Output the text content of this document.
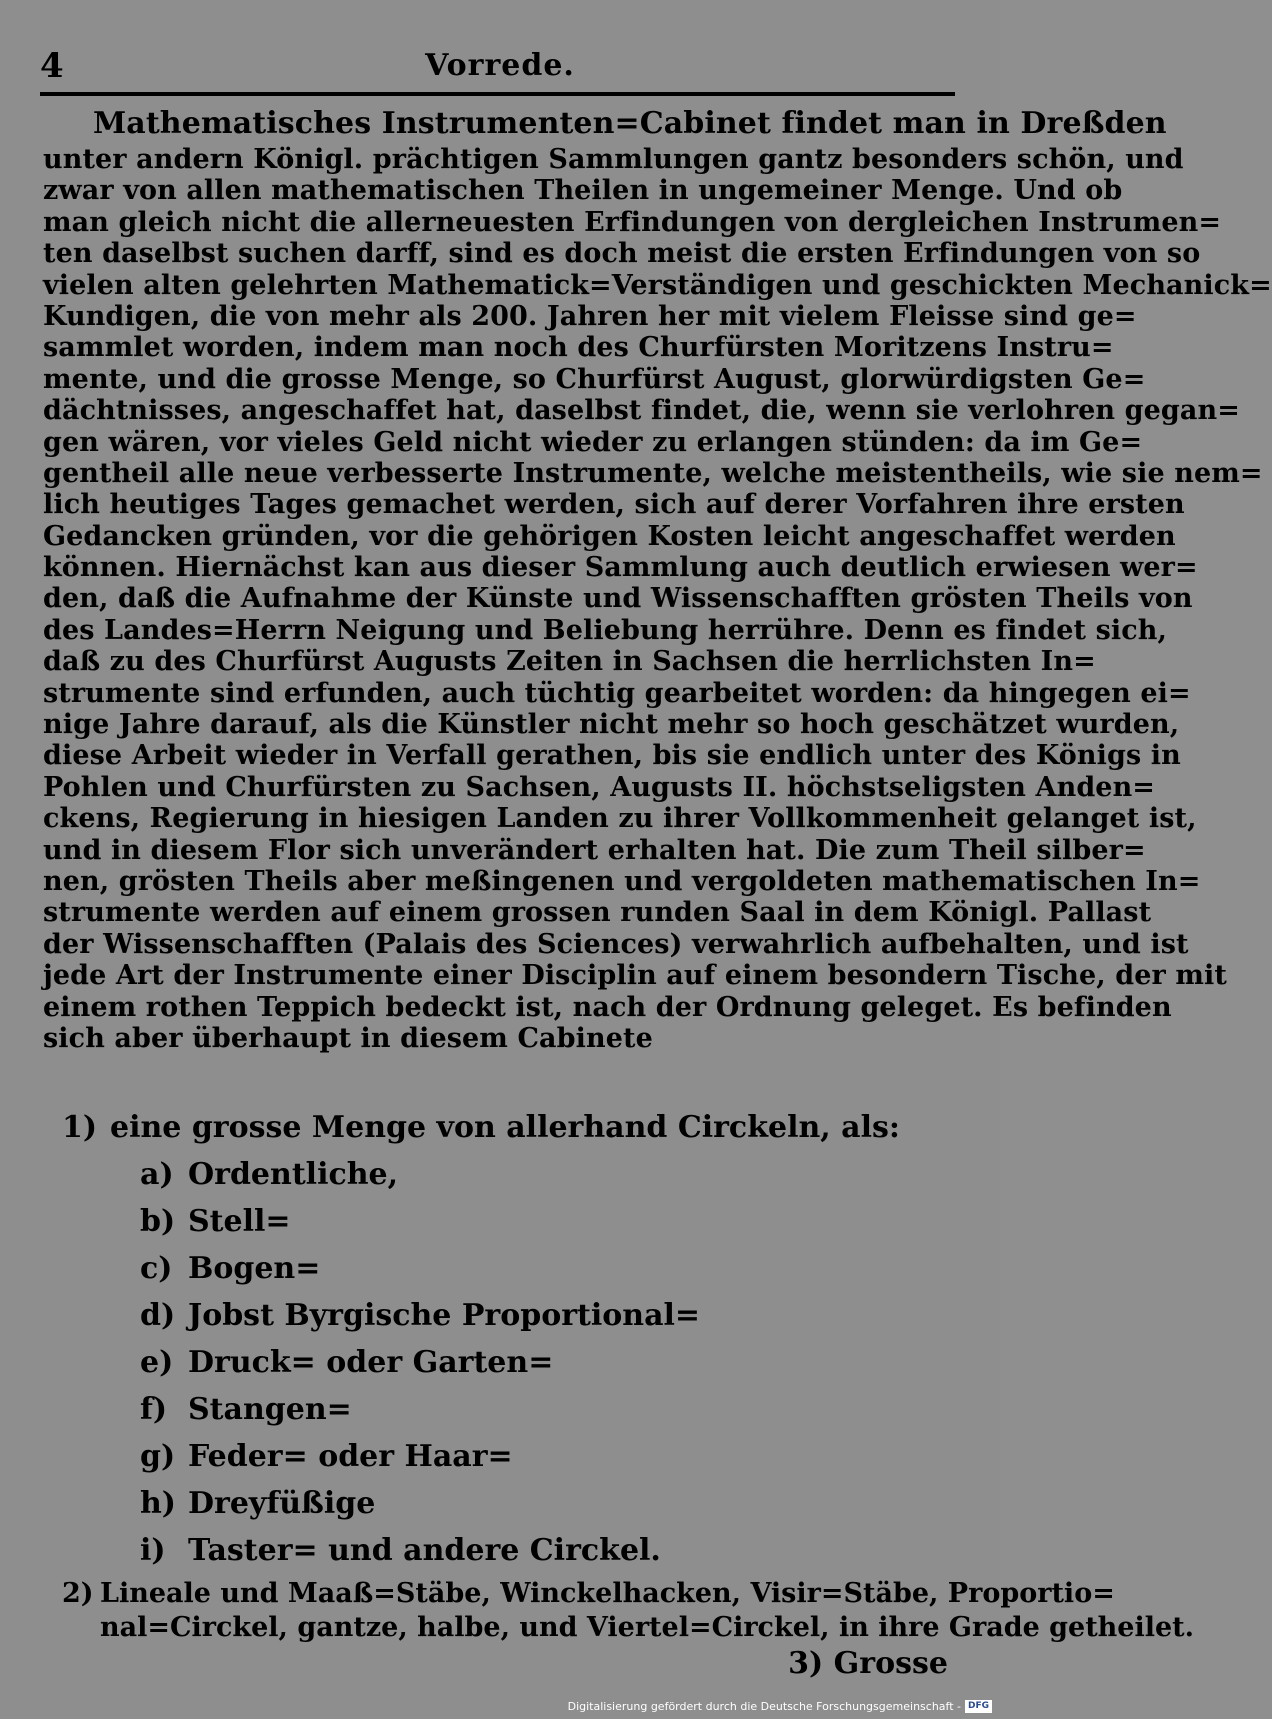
4	Vorrede.
Mathematisches Instrumenten=Cabinet findet man in Dreßden
unter andern Königl. prächtigen Sammlungen gantz besonders schön, und
zwar von allen mathematischen Theilen in ungemeiner Menge. Und ob
man gleich nicht die allerneuesten Erfindungen von dergleichen Instrumen=
ten daselbst suchen darff, sind es doch meist die ersten Erfindungen von so
vielen alten gelehrten Mathematick=Verständigen und geschickten Mechanick=
Kundigen, die von mehr als 200. Jahren her mit vielem Fleisse sind ge=
sammlet worden, indem man noch des Churfürsten Moritzens Instru=
mente, und die grosse Menge, so Churfürst August, glorwürdigsten Ge=
dächtnisses, angeschaffet hat, daselbst findet, die, wenn sie verlohren gegan=
gen wären, vor vieles Geld nicht wieder zu erlangen stünden: da im Ge=
gentheil alle neue verbesserte Instrumente, welche meistentheils, wie sie nem=
lich heutiges Tages gemachet werden, sich auf derer Vorfahren ihre ersten
Gedancken gründen, vor die gehörigen Kosten leicht angeschaffet werden
können. Hiernächst kan aus dieser Sammlung auch deutlich erwiesen wer=
den, daß die Aufnahme der Künste und Wissenschafften grösten Theils von
des Landes=Herrn Neigung und Beliebung herrühre. Denn es findet sich,
daß zu des Churfürst Augusts Zeiten in Sachsen die herrlichsten In=
strumente sind erfunden, auch tüchtig gearbeitet worden: da hingegen ei=
nige Jahre darauf, als die Künstler nicht mehr so hoch geschätzet wurden,
diese Arbeit wieder in Verfall gerathen, bis sie endlich unter des Königs in
Pohlen und Churfürsten zu Sachsen, Augusts II. höchstseligsten Anden=
ckens, Regierung in hiesigen Landen zu ihrer Vollkommenheit gelanget ist,
und in diesem Flor sich unverändert erhalten hat. Die zum Theil silber=
nen, grösten Theils aber meßingenen und vergoldeten mathematischen In=
strumente werden auf einem grossen runden Saal in dem Königl. Pallast
der Wissenschafften (Palais des Sciences) verwahrlich aufbehalten, und ist
jede Art der Instrumente einer Disciplin auf einem besondern Tische, der mit
einem rothen Teppich bedeckt ist, nach der Ordnung geleget. Es befinden
sich aber überhaupt in diesem Cabinete
1) eine grosse Menge von allerhand Circkeln, als:
a) Ordentliche,
b) Stell=
c) Bogen=
d) Jobst Byrgische Proportional=
e) Druck= oder Garten=
f) Stangen=
g) Feder= oder Haar=
h) Dreyfüßige
i) Taster= und andere Circkel.
2) Lineale und Maaß=Stäbe, Winckelhacken, Visir=Stäbe, Proportio=
nal=Circkel, gantze, halbe, und Viertel=Circkel, in ihre Grade getheilet.
3) Grosse
Digitalisierung gefördert durch die Deutsche Forschungsgemeinschaft - DFG
